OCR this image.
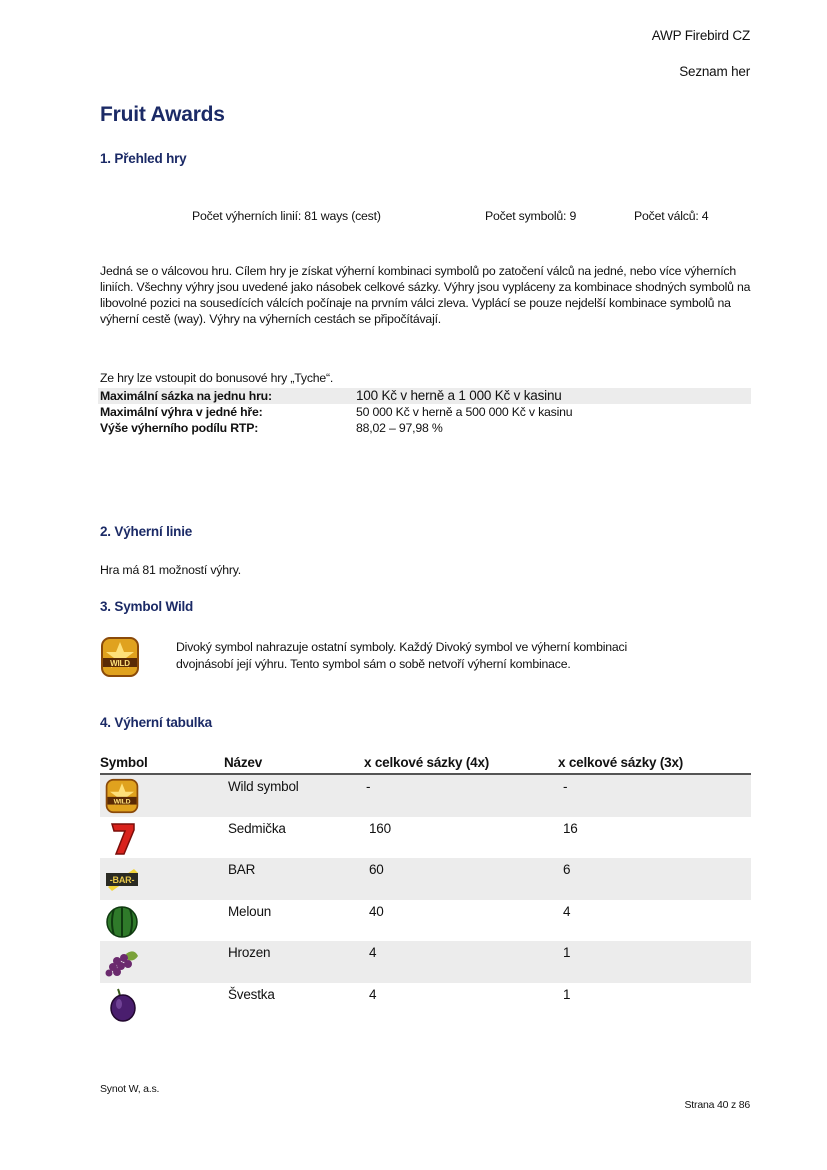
AWP Firebird CZ
Seznam her
Fruit Awards
1. Přehled hry
Počet výherních linií: 81 ways (cest)	Počet symbolů: 9	Počet válců: 4
Jedná se o válcovou hru. Cílem hry je získat výherní kombinaci symbolů po zatočení válců na jedné, nebo více výherních liniích. Všechny výhry jsou uvedené jako násobek celkové sázky. Výhry jsou vypláceny za kombinace shodných symbolů na libovolné pozici na sousedících válcích počínaje na prvním válci zleva. Vyplácí se pouze nejdelší kombinace symbolů na výherní cestě (way). Výhry na výherních cestách se připočítávají.
Ze hry lze vstoupit do bonusové hry „Tyche“.
Maximální sázka na jednu hru:	100 Kč v herně a 1 000 Kč v kasinu
Maximální výhra v jedné hře:	50 000 Kč v herně a 500 000 Kč v kasinu
Výše výherního podílu RTP:	88,02 – 97,98 %
2. Výherní linie
Hra má 81 možností výhry.
3. Symbol Wild
WILD
Divoký symbol nahrazuje ostatní symboly. Každý Divoký symbol ve výherní kombinaci
dvojnásobí její výhru. Tento symbol sám o sobě netvoří výherní kombinace.
4. Výherní tabulka
Symbol	Název	x celkové sázky (4x)	x celkové sázky (3x)
WILD
Wild symbol	-	-
Sedmička	160	16
-BAR-
BAR	60	6
Meloun	40	4
Hrozen	4	1
Švestka	4	1
Synot W, a.s.
Strana 40 z 86
